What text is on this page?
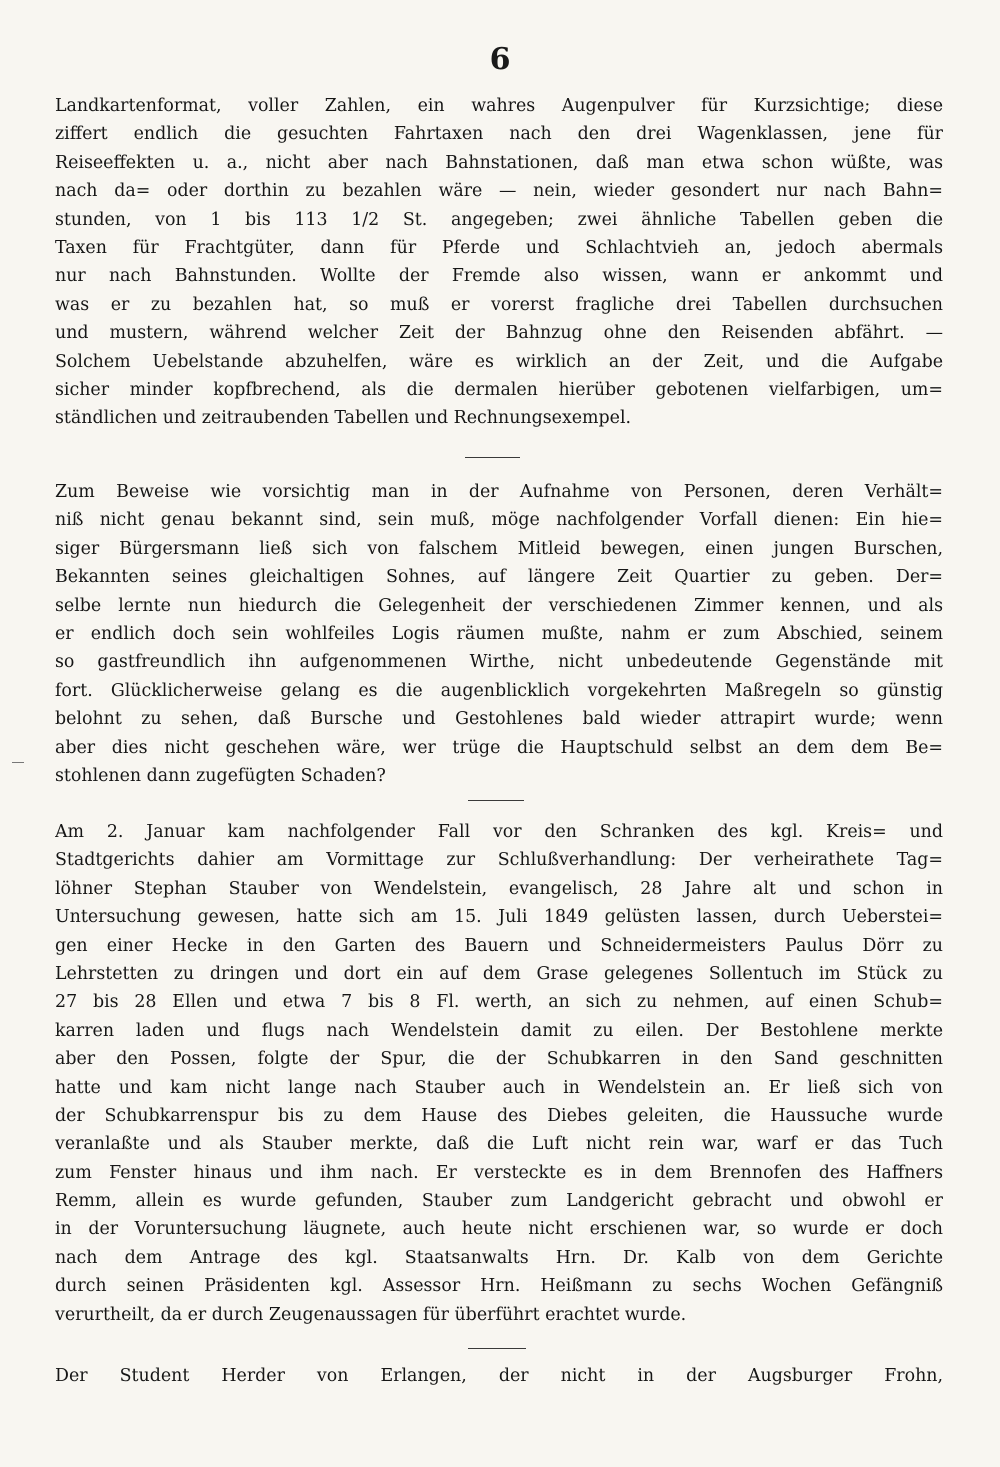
6
Landkartenformat, voller Zahlen, ein wahres Augenpulver für Kurzsichtige; diese
ziffert endlich die gesuchten Fahrtaxen nach den drei Wagenklassen, jene für
Reiseeffekten u. a., nicht aber nach Bahnstationen, daß man etwa schon wüßte, was
nach da= oder dorthin zu bezahlen wäre — nein, wieder gesondert nur nach Bahn=
stunden, von 1 bis 113 1/2 St. angegeben; zwei ähnliche Tabellen geben die
Taxen für Frachtgüter, dann für Pferde und Schlachtvieh an, jedoch abermals
nur nach Bahnstunden. Wollte der Fremde also wissen, wann er ankommt und
was er zu bezahlen hat, so muß er vorerst fragliche drei Tabellen durchsuchen
und mustern, während welcher Zeit der Bahnzug ohne den Reisenden abfährt. —
Solchem Uebelstande abzuhelfen, wäre es wirklich an der Zeit, und die Aufgabe
sicher minder kopfbrechend, als die dermalen hierüber gebotenen vielfarbigen, um=
ständlichen und zeitraubenden Tabellen und Rechnungsexempel.
Zum Beweise wie vorsichtig man in der Aufnahme von Personen, deren Verhält=
niß nicht genau bekannt sind, sein muß, möge nachfolgender Vorfall dienen: Ein hie=
siger Bürgersmann ließ sich von falschem Mitleid bewegen, einen jungen Burschen,
Bekannten seines gleichaltigen Sohnes, auf längere Zeit Quartier zu geben. Der=
selbe lernte nun hiedurch die Gelegenheit der verschiedenen Zimmer kennen, und als
er endlich doch sein wohlfeiles Logis räumen mußte, nahm er zum Abschied, seinem
so gastfreundlich ihn aufgenommenen Wirthe, nicht unbedeutende Gegenstände mit
fort. Glücklicherweise gelang es die augenblicklich vorgekehrten Maßregeln so günstig
belohnt zu sehen, daß Bursche und Gestohlenes bald wieder attrapirt wurde; wenn
aber dies nicht geschehen wäre, wer trüge die Hauptschuld selbst an dem dem Be=
stohlenen dann zugefügten Schaden?
Am 2. Januar kam nachfolgender Fall vor den Schranken des kgl. Kreis= und
Stadtgerichts dahier am Vormittage zur Schlußverhandlung: Der verheirathete Tag=
löhner Stephan Stauber von Wendelstein, evangelisch, 28 Jahre alt und schon in
Untersuchung gewesen, hatte sich am 15. Juli 1849 gelüsten lassen, durch Ueberstei=
gen einer Hecke in den Garten des Bauern und Schneidermeisters Paulus Dörr zu
Lehrstetten zu dringen und dort ein auf dem Grase gelegenes Sollentuch im Stück zu
27 bis 28 Ellen und etwa 7 bis 8 Fl. werth, an sich zu nehmen, auf einen Schub=
karren laden und flugs nach Wendelstein damit zu eilen. Der Bestohlene merkte
aber den Possen, folgte der Spur, die der Schubkarren in den Sand geschnitten
hatte und kam nicht lange nach Stauber auch in Wendelstein an. Er ließ sich von
der Schubkarrenspur bis zu dem Hause des Diebes geleiten, die Haussuche wurde
veranlaßte und als Stauber merkte, daß die Luft nicht rein war, warf er das Tuch
zum Fenster hinaus und ihm nach. Er versteckte es in dem Brennofen des Haffners
Remm, allein es wurde gefunden, Stauber zum Landgericht gebracht und obwohl er
in der Voruntersuchung läugnete, auch heute nicht erschienen war, so wurde er doch
nach dem Antrage des kgl. Staatsanwalts Hrn. Dr. Kalb von dem Gerichte
durch seinen Präsidenten kgl. Assessor Hrn. Heißmann zu sechs Wochen Gefängniß
verurtheilt, da er durch Zeugenaussagen für überführt erachtet wurde.
Der Student Herder von Erlangen, der nicht in der Augsburger Frohn,
